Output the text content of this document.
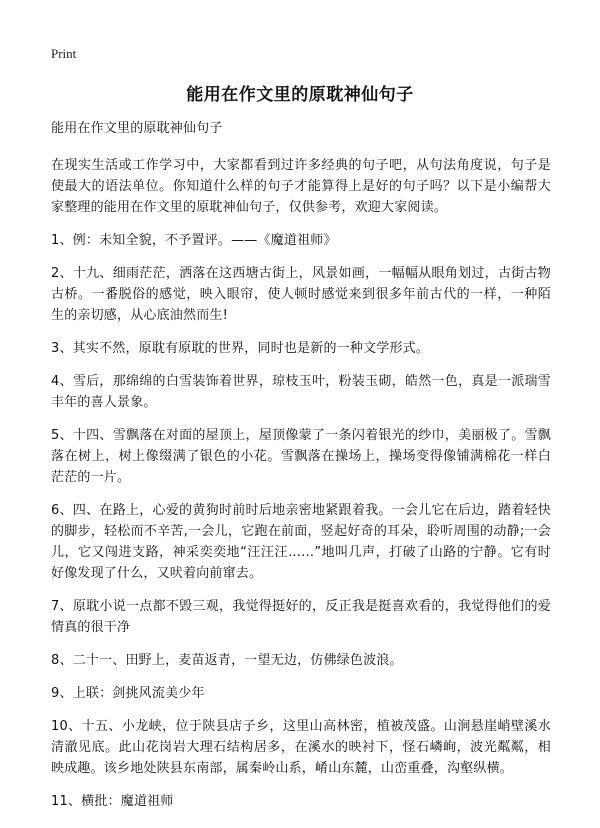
Print
能用在作文里的原耽神仙句子

能用在作文里的原耽神仙句子

在现实生活或工作学习中，大家都看到过许多经典的句子吧，从句法角度说，句子是使最大的语法单位。你知道什么样的句子才能算得上是好的句子吗？以下是小编帮大家整理的能用在作文里的原耽神仙句子，仅供参考，欢迎大家阅读。

1、例：未知全貌，不予置评。——《魔道祖师》

2、十九、细雨茫茫，洒落在这西塘古街上，风景如画，一幅幅从眼角划过，古街古物古桥。一番脱俗的感觉，映入眼帘，使人顿时感觉来到很多年前古代的一样，一种陌生的亲切感，从心底油然而生!

3、其实不然，原耽有原耽的世界，同时也是新的一种文学形式。

4、雪后，那绵绵的白雪装饰着世界，琼枝玉叶，粉装玉砌，皓然一色，真是一派瑞雪丰年的喜人景象。

5、十四、雪飘落在对面的屋顶上，屋顶像蒙了一条闪着银光的纱巾，美丽极了。雪飘落在树上，树上像缀满了银色的小花。雪飘落在操场上，操场变得像铺满棉花一样白茫茫的一片。

6、四、在路上，心爱的黄狗时前时后地亲密地紧跟着我。一会儿它在后边，踏着轻快的脚步，轻松而不辛苦,一会儿，它跑在前面，竖起好奇的耳朵，聆听周围的动静;一会儿，它又闯进支路，神采奕奕地“汪汪汪……”地叫几声，打破了山路的宁静。它有时好像发现了什么，又吠着向前窜去。

7、原耽小说一点都不毁三观，我觉得挺好的，反正我是挺喜欢看的，我觉得他们的爱情真的很干净

8、二十一、田野上，麦苗返青，一望无边，仿佛绿色波浪。

9、上联：剑挑风流美少年

10、十五、小龙峡，位于陕县店子乡，这里山高林密，植被茂盛。山涧悬崖峭壁溪水清澈见底。此山花岗岩大理石结构居多，在溪水的映衬下，怪石嶙峋，波光粼粼，相映成趣。该乡地处陕县东南部，属秦岭山系，崤山东麓，山峦重叠，沟壑纵横。

11、横批：魔道祖师
